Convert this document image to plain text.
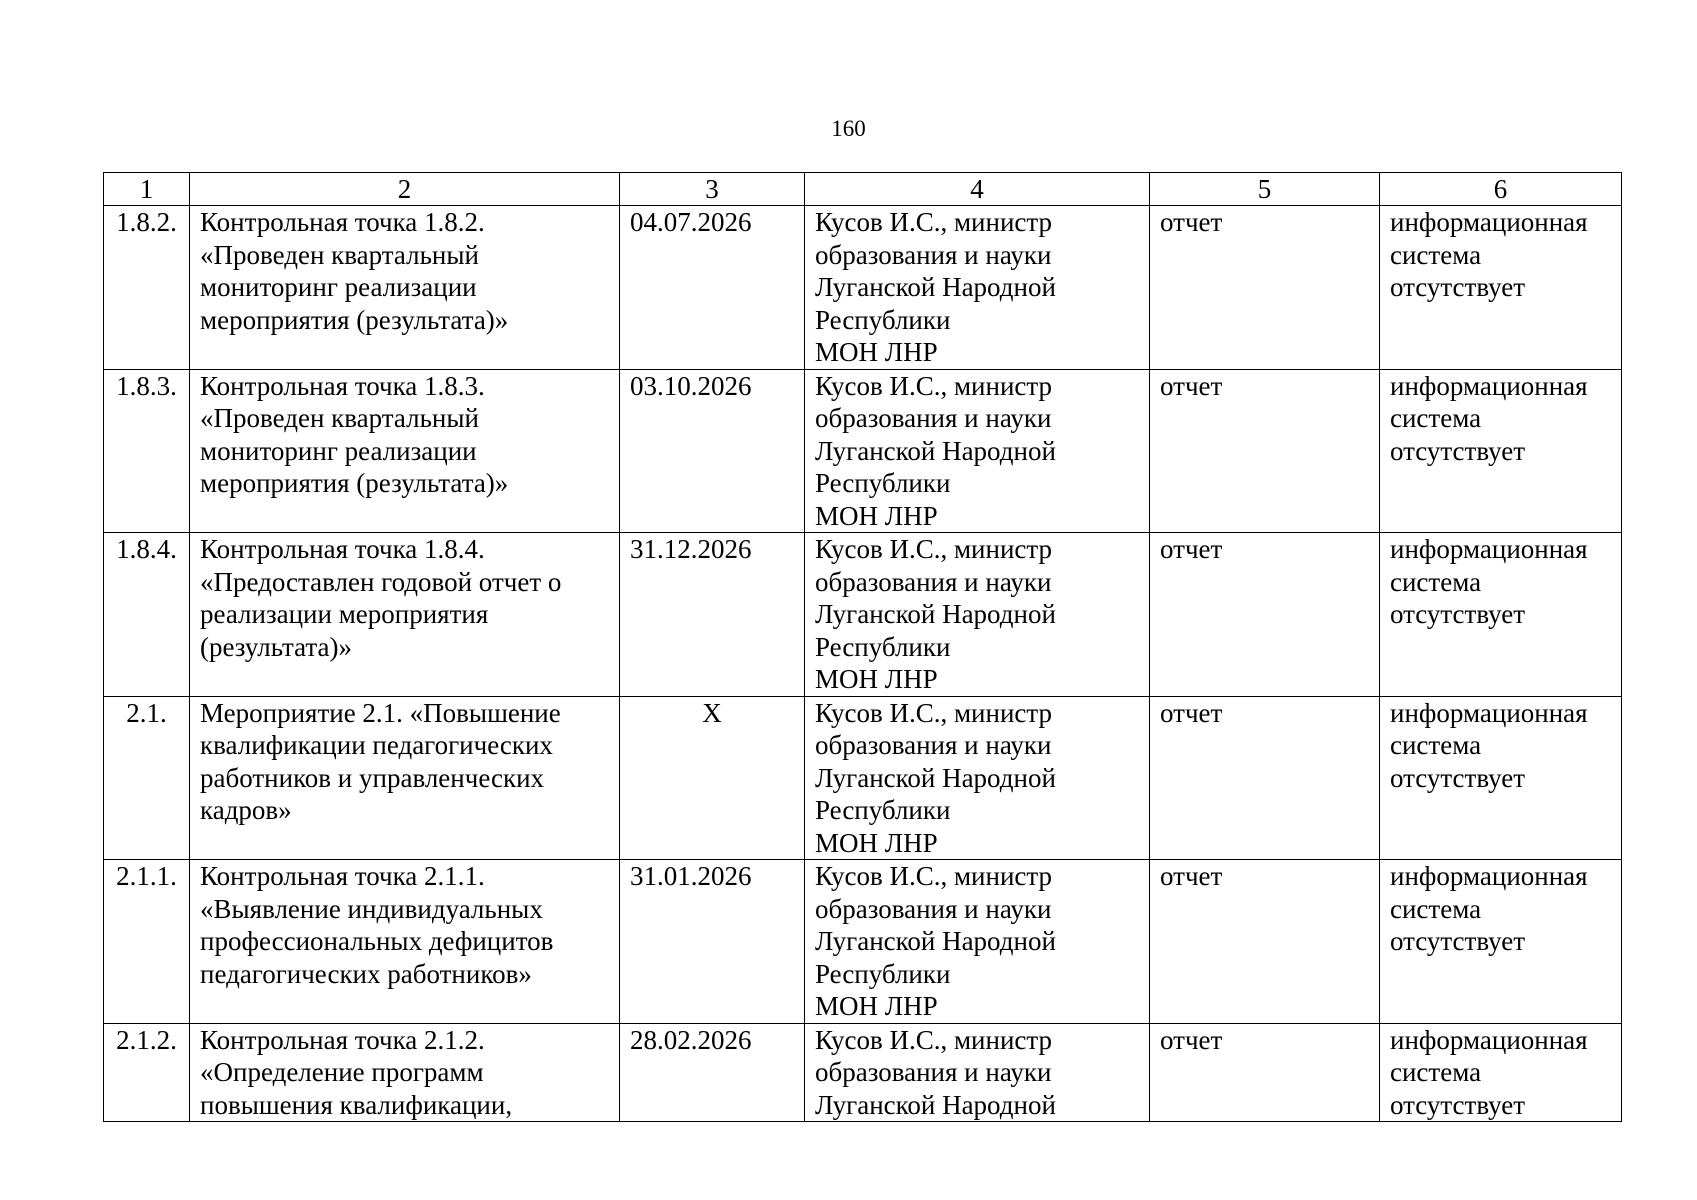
160
1	2	3	4	5	6
1.8.2.	Контрольная точка 1.8.2.
«Проведен квартальный
мониторинг реализации
мероприятия (результата)»	04.07.2026	Кусов И.С., министр
образования и науки
Луганской Народной
Республики
МОН ЛНР	отчет	информационная
система
отсутствует
1.8.3.	Контрольная точка 1.8.3.
«Проведен квартальный
мониторинг реализации
мероприятия (результата)»	03.10.2026	Кусов И.С., министр
образования и науки
Луганской Народной
Республики
МОН ЛНР	отчет	информационная
система
отсутствует
1.8.4.	Контрольная точка 1.8.4.
«Предоставлен годовой отчет о
реализации мероприятия
(результата)»	31.12.2026	Кусов И.С., министр
образования и науки
Луганской Народной
Республики
МОН ЛНР	отчет	информационная
система
отсутствует
2.1.	Мероприятие 2.1. «Повышение
квалификации педагогических
работников и управленческих
кадров»	X	Кусов И.С., министр
образования и науки
Луганской Народной
Республики
МОН ЛНР	отчет	информационная
система
отсутствует
2.1.1.	Контрольная точка 2.1.1.
«Выявление индивидуальных
профессиональных дефицитов
педагогических работников»	31.01.2026	Кусов И.С., министр
образования и науки
Луганской Народной
Республики
МОН ЛНР	отчет	информационная
система
отсутствует
2.1.2.	Контрольная точка 2.1.2.
«Определение программ
повышения квалификации,	28.02.2026	Кусов И.С., министр
образования и науки
Луганской Народной	отчет	информационная
система
отсутствует
